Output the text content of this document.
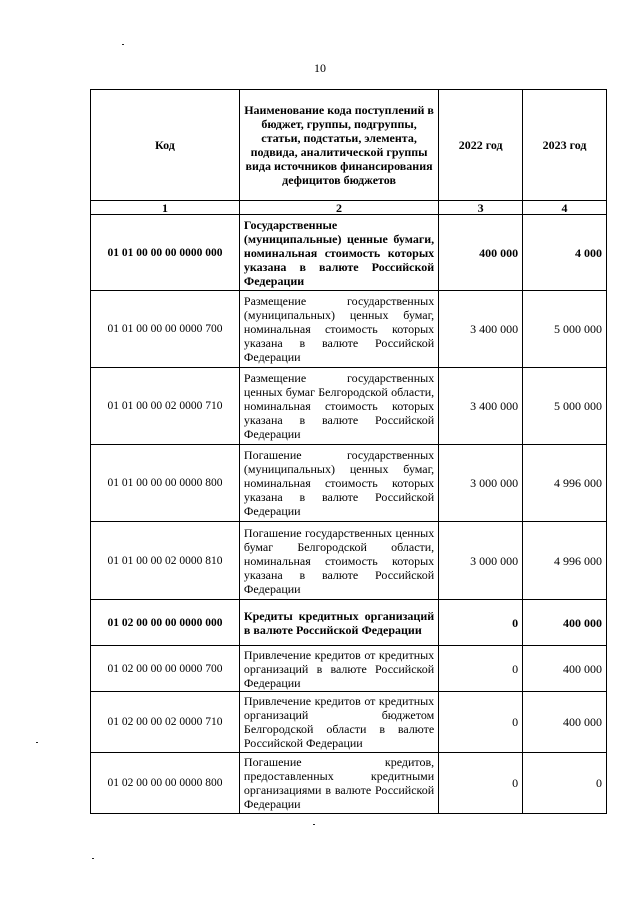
10
Код	Наименование кода поступлений в бюджет, группы, подгруппы, статьи, подстатьи, элемента, подвида, аналитической группы вида источников финансирования дефицитов бюджетов	2022 год	2023 год
1	2	3	4
01 01 00 00 00 0000 000	Государственные (муниципальные) ценные бумаги, номинальная стоимость которых указана в валюте Российской Федерации	400 000	4 000
01 01 00 00 00 0000 700	Размещение государственных (муниципальных) ценных бумаг, номинальная стоимость которых указана в валюте Российской Федерации	3 400 000	5 000 000
01 01 00 00 02 0000 710	Размещение государственных ценных бумаг Белгородской области, номинальная стоимость которых указана в валюте Российской Федерации	3 400 000	5 000 000
01 01 00 00 00 0000 800	Погашение государственных (муниципальных) ценных бумаг, номинальная стоимость которых указана в валюте Российской Федерации	3 000 000	4 996 000
01 01 00 00 02 0000 810	Погашение государственных ценных бумаг Белгородской области, номинальная стоимость которых указана в валюте Российской Федерации	3 000 000	4 996 000
01 02 00 00 00 0000 000	Кредиты кредитных организаций в валюте Российской Федерации	0	400 000
01 02 00 00 00 0000 700	Привлечение кредитов от кредитных организаций в валюте Российской Федерации	0	400 000
01 02 00 00 02 0000 710	Привлечение кредитов от кредитных организаций бюджетом Белгородской области в валюте Российской Федерации	0	400 000
01 02 00 00 00 0000 800	Погашение кредитов, предоставленных кредитными организациями в валюте Российской Федерации	0	0
